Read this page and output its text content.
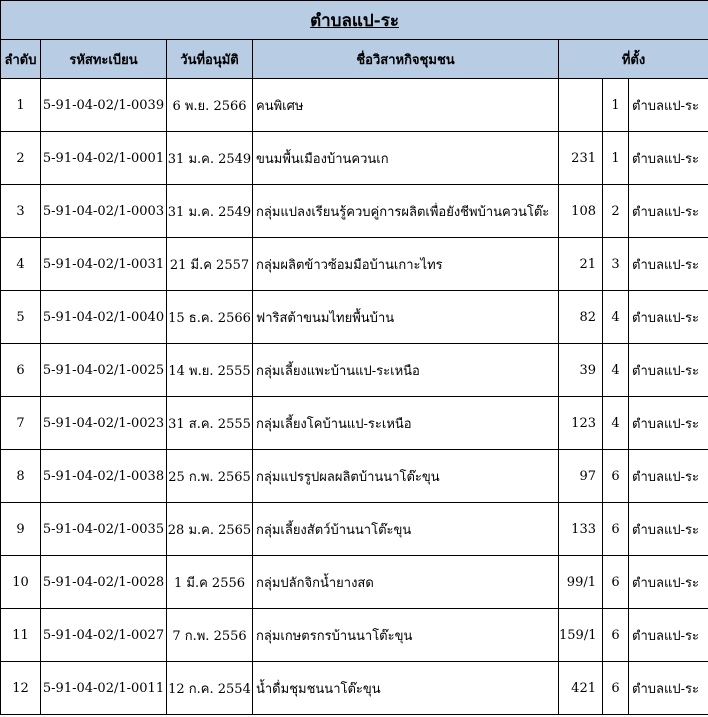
ตำบลแป-ระ						
ลำดับ	รหัสทะเบียน	วันที่อนุมัติ	ชื่อวิสาหกิจชุมชน	ที่ตั้ง		
1	5-91-04-02/1-0039	6 พ.ย. 2566	คนพิเศษ		1	ตำบลแป-ระ
2	5-91-04-02/1-0001	31 ม.ค. 2549	ขนมพื้นเมืองบ้านควนเก	231	1	ตำบลแป-ระ
3	5-91-04-02/1-0003	31 ม.ค. 2549	กลุ่มแปลงเรียนรู้ควบคู่การผลิตเพื่อยังชีพบ้านควนโต๊ะ	108	2	ตำบลแป-ระ
4	5-91-04-02/1-0031	21 มี.ค 2557	กลุ่มผลิตข้าวซ้อมมือบ้านเกาะไทร	21	3	ตำบลแป-ระ
5	5-91-04-02/1-0040	15 ธ.ค. 2566	ฟาริสต้าขนมไทยพื้นบ้าน	82	4	ตำบลแป-ระ
6	5-91-04-02/1-0025	14 พ.ย. 2555	กลุ่มเลี้ยงแพะบ้านแป-ระเหนือ	39	4	ตำบลแป-ระ
7	5-91-04-02/1-0023	31 ส.ค. 2555	กลุ่มเลี้ยงโคบ้านแป-ระเหนือ	123	4	ตำบลแป-ระ
8	5-91-04-02/1-0038	25 ก.พ. 2565	กลุ่มแปรรูปผลผลิตบ้านนาโต๊ะขุน	97	6	ตำบลแป-ระ
9	5-91-04-02/1-0035	28 ม.ค. 2565	กลุ่มเลี้ยงสัตว์บ้านนาโต๊ะขุน	133	6	ตำบลแป-ระ
10	5-91-04-02/1-0028	1 มี.ค 2556	กลุ่มปลักจิกน้ำยางสด	99/1	6	ตำบลแป-ระ
11	5-91-04-02/1-0027	7 ก.พ. 2556	กลุ่มเกษตรกรบ้านนาโต๊ะขุน	159/1	6	ตำบลแป-ระ
12	5-91-04-02/1-0011	12 ก.ค. 2554	น้ำดื่มชุมชนนาโต๊ะขุน	421	6	ตำบลแป-ระ
